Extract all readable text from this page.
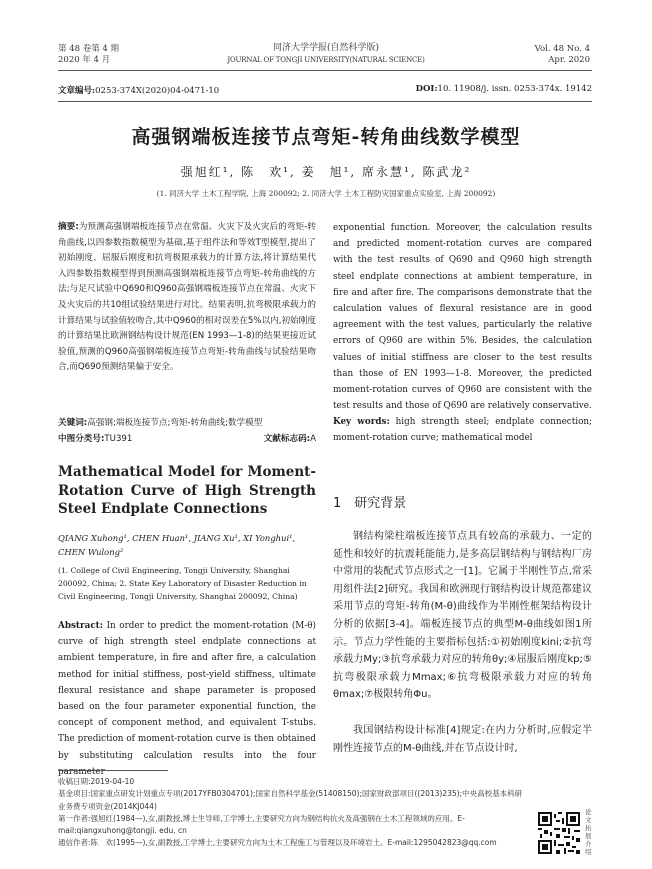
第 48 卷第 4 期
2020 年 4 月
同济大学学报(自然科学版)
JOURNAL OF TONGJI UNIVERSITY(NATURAL SCIENCE)
Vol. 48 No. 4
Apr. 2020
文章编号:0253-374X(2020)04-0471-10	DOI:10. 11908/j. issn. 0253-374x. 19142
高强钢端板连接节点弯矩-转角曲线数学模型
强旭红¹, 陈　欢¹, 姜　旭¹, 席永慧¹, 陈武龙²
(1. 同济大学 土木工程学院, 上海 200092; 2. 同济大学 土木工程防灾国家重点实验室, 上海 200092)
摘要:为预测高强钢端板连接节点在常温、火灾下及火灾后的弯矩-转角曲线,以四参数指数模型为基础,基于组件法和等效T型模型,提出了初始刚度、屈服后刚度和抗弯极限承载力的计算方法,将计算结果代入四参数指数模型得到预测高强钢端板连接节点弯矩-转角曲线的方法;与足尺试验中Q690和Q960高强钢端板连接节点在常温、火灾下及火灾后的共10组试验结果进行对比。结果表明,抗弯极限承载力的计算结果与试验值较吻合,其中Q960的相对误差在5%以内,初始刚度的计算结果比欧洲钢结构设计规范(EN 1993—1-8)的结果更接近试验值,预测的Q960高强钢端板连接节点弯矩-转角曲线与试验结果吻合,而Q690预测结果偏于安全。
关键词:高强钢;端板连接节点;弯矩-转角曲线;数学模型
中图分类号:TU391	文献标志码:A
Mathematical Model for Moment-Rotation Curve of High Strength Steel Endplate Connections
QIANG Xuhong¹, CHEN Huan¹, JIANG Xu¹, XI Yonghui¹, CHEN Wulong²
(1. College of Civil Engineering, Tongji University, Shanghai 200092, China; 2. State Key Laboratory of Disaster Reduction in Civil Engineering, Tongji University, Shanghai 200092, China)
Abstract: In order to predict the moment-rotation (M-θ) curve of high strength steel endplate connections at ambient temperature, in fire and after fire, a calculation method for initial stiffness, post-yield stiffness, ultimate flexural resistance and shape parameter is proposed based on the four parameter exponential function, the concept of component method, and equivalent T-stubs. The prediction of moment-rotation curve is then obtained by substituting calculation results into the four parameter
exponential function. Moreover, the calculation results and predicted moment-rotation curves are compared with the test results of Q690 and Q960 high strength steel endplate connections at ambient temperature, in fire and after fire. The comparisons demonstrate that the calculation values of flexural resistance are in good agreement with the test values, particularly the relative errors of Q960 are within 5%. Besides, the calculation values of initial stiffness are closer to the test results than those of EN 1993—1-8. Moreover, the predicted moment-rotation curves of Q960 are consistent with the test results and those of Q690 are relatively conservative.
Key words: high strength steel; endplate connection; moment-rotation curve; mathematical model
1　研究背景
钢结构梁柱端板连接节点具有较高的承载力、一定的延性和较好的抗震耗能能力,是多高层钢结构与钢结构厂房中常用的装配式节点形式之一[1]。它属于半刚性节点,常采用组件法[2]研究。我国和欧洲现行钢结构设计规范都建议采用节点的弯矩-转角(M-θ)曲线作为半刚性框架结构设计分析的依据[3-4]。端板连接节点的典型M-θ曲线如图1所示。节点力学性能的主要指标包括:①初始刚度kini;②抗弯承载力My;③抗弯承载力对应的转角θy;④屈服后刚度kp;⑤抗弯极限承载力Mmax;⑥抗弯极限承载力对应的转角θmax;⑦极限转角Φu。
我国钢结构设计标准[4]规定:在内力分析时,应假定半刚性连接节点的M-θ曲线,并在节点设计时,
收稿日期:2019-04-10
基金项目:国家重点研发计划重点专项(2017YFB0304701);国家自然科学基金(51408150);国家财政部项目((2013)235);中央高校基本科研业务费专项资金(2014KJ044)
第一作者:强旭红(1984—),女,副教授,博士生导师,工学博士,主要研究方向为钢结构抗火及高强钢在土木工程领域的应用。E-mail:qiangxuhong@tongji. edu. cn
通信作者:陈　欢(1995—),女,副教授,工学博士,主要研究方向为土木工程施工与管理以及环境岩土。E-mail:1295042823@qq.com
论文拓展介绍
